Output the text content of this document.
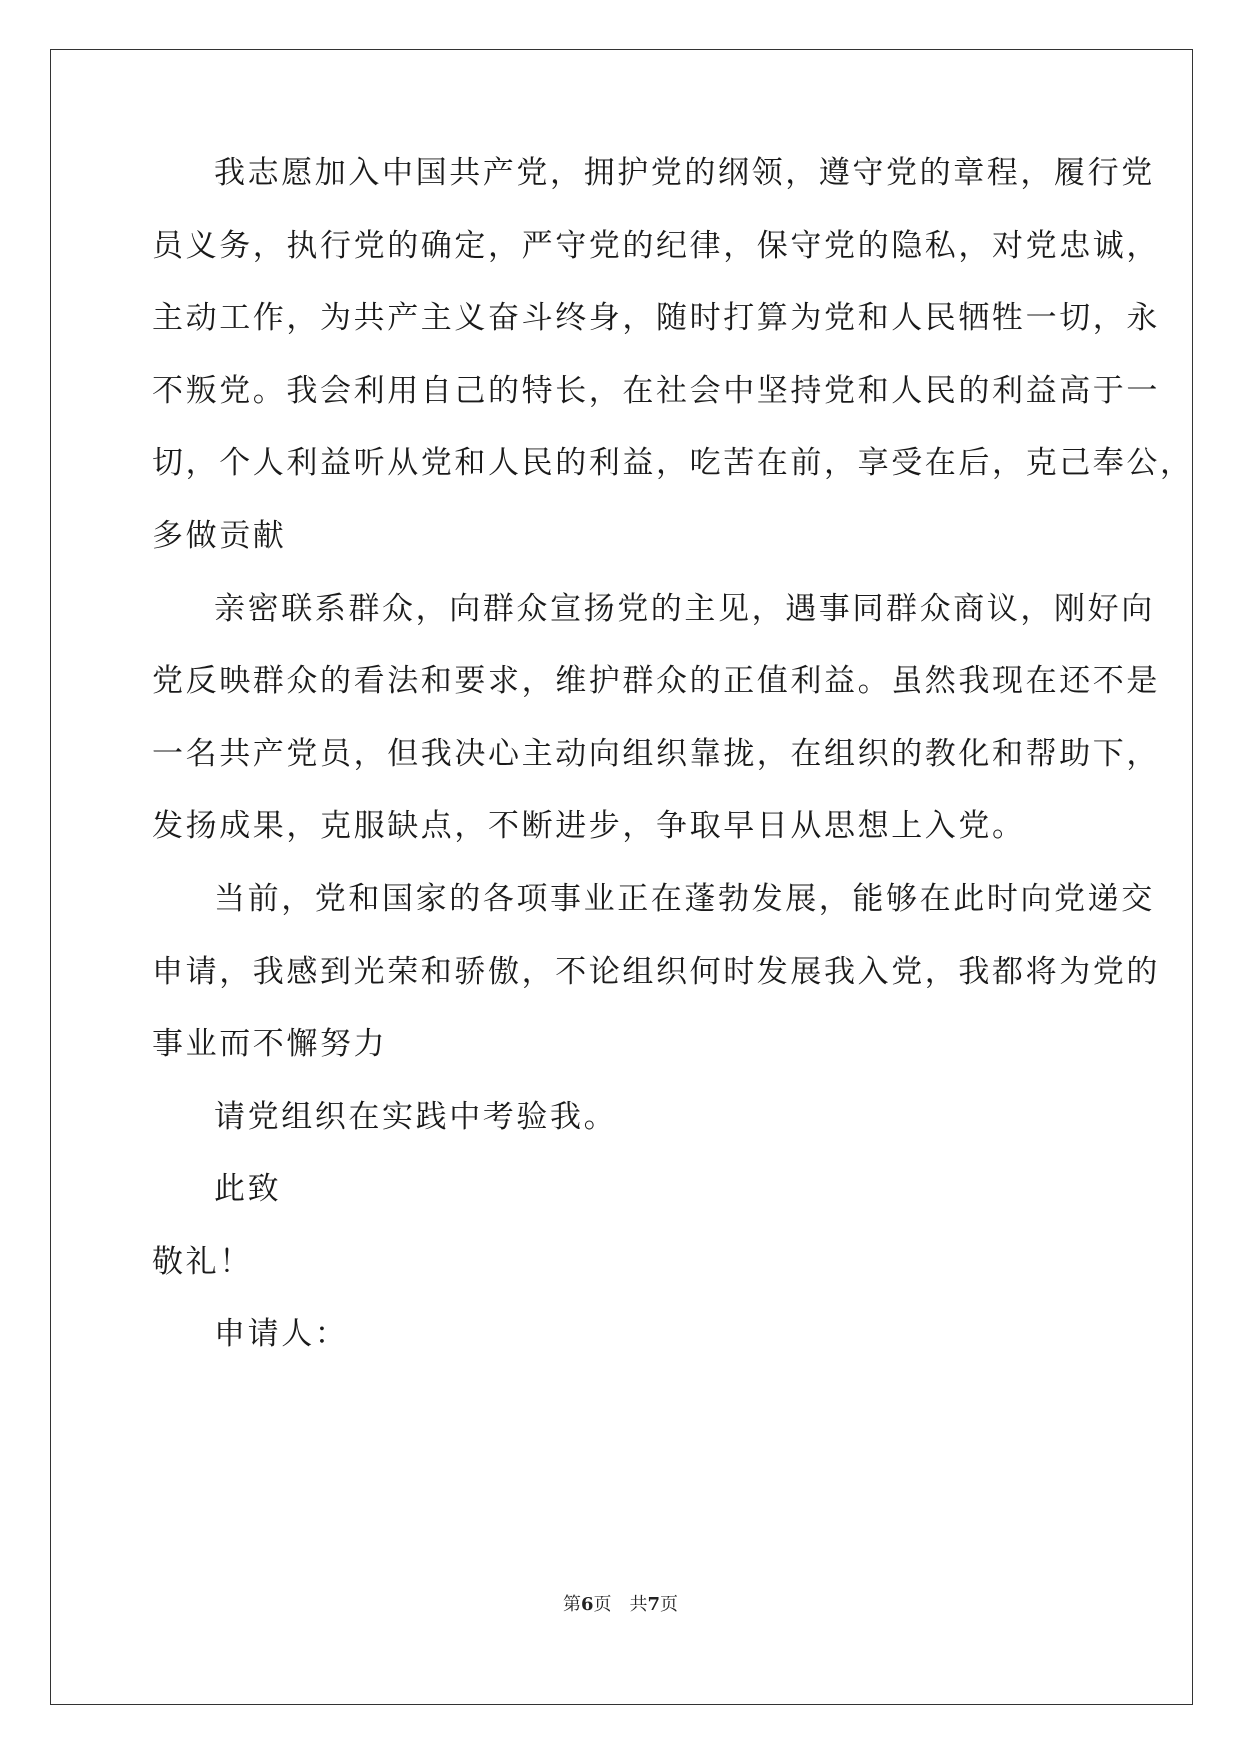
我志愿加入中国共产党，拥护党的纲领，遵守党的章程，履行党
员义务，执行党的确定，严守党的纪律，保守党的隐私，对党忠诚，
主动工作，为共产主义奋斗终身，随时打算为党和人民牺牲一切，永
不叛党。我会利用自己的特长，在社会中坚持党和人民的利益高于一
切，个人利益听从党和人民的利益，吃苦在前，享受在后，克己奉公，
多做贡献
亲密联系群众，向群众宣扬党的主见，遇事同群众商议，刚好向
党反映群众的看法和要求，维护群众的正值利益。虽然我现在还不是
一名共产党员，但我决心主动向组织靠拢，在组织的教化和帮助下，
发扬成果，克服缺点，不断进步，争取早日从思想上入党。
当前，党和国家的各项事业正在蓬勃发展，能够在此时向党递交
申请，我感到光荣和骄傲，不论组织何时发展我入党，我都将为党的
事业而不懈努力
请党组织在实践中考验我。
此致
敬礼！
申请人：
第6页　共7页
